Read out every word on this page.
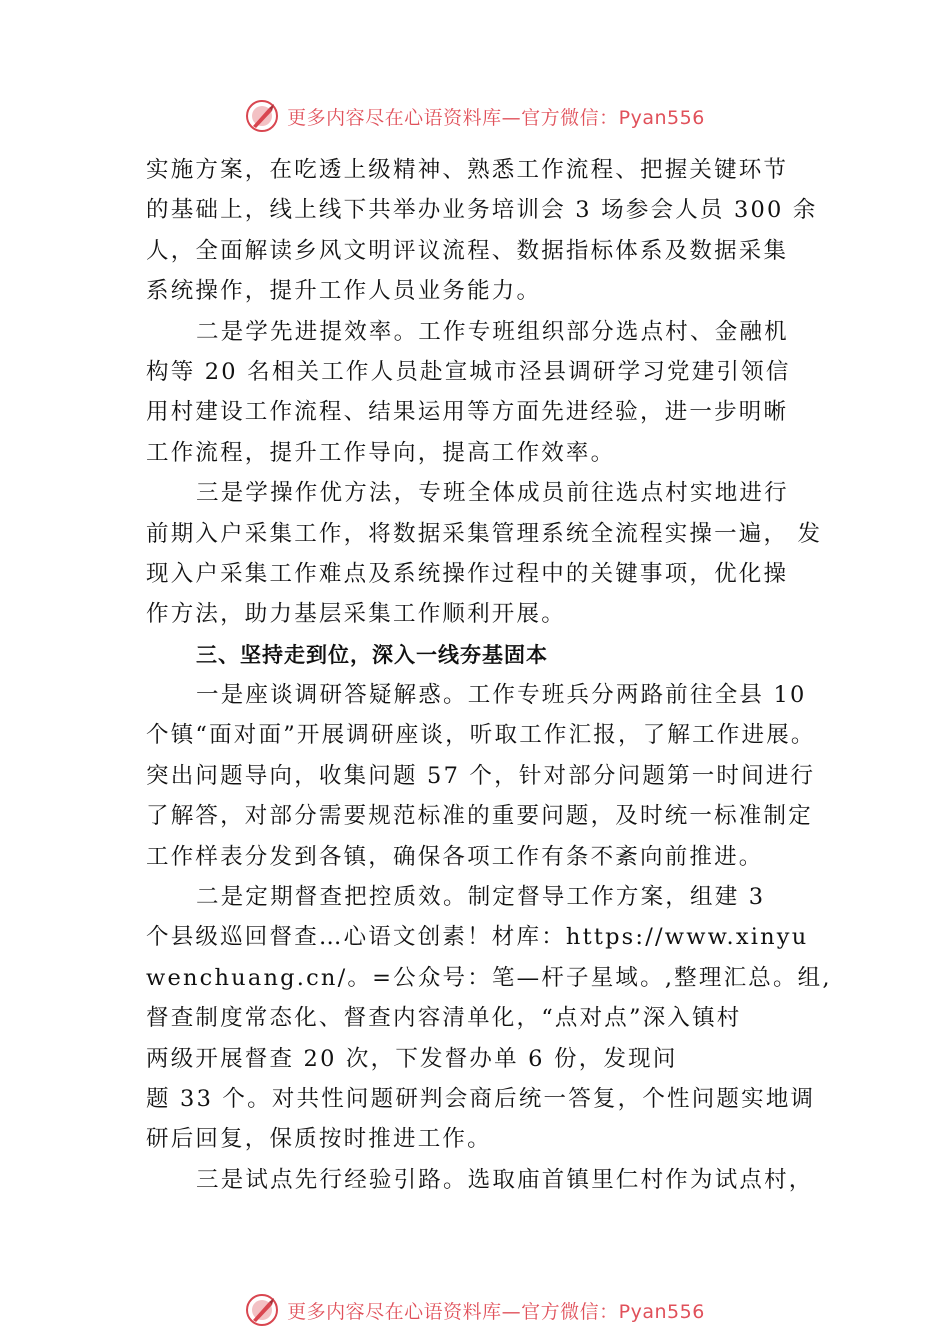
更多内容尽在心语资料库—官方微信：Pyan556
实施方案，在吃透上级精神、熟悉工作流程、把握关键环节
的基础上，线上线下共举办业务培训会 3 场参会人员 300 余
人，全面解读乡风文明评议流程、数据指标体系及数据采集
系统操作，提升工作人员业务能力。
二是学先进提效率。工作专班组织部分选点村、金融机
构等 20 名相关工作人员赴宣城市泾县调研学习党建引领信
用村建设工作流程、结果运用等方面先进经验，进一步明晰
工作流程，提升工作导向，提高工作效率。
三是学操作优方法，专班全体成员前往选点村实地进行
前期入户采集工作，将数据采集管理系统全流程实操一遍， 发
现入户采集工作难点及系统操作过程中的关键事项，优化操
作方法，助力基层采集工作顺利开展。
三、坚持走到位，深入一线夯基固本
一是座谈调研答疑解惑。工作专班兵分两路前往全县 10
个镇“面对面”开展调研座谈，听取工作汇报，了解工作进展。
突出问题导向，收集问题 57 个，针对部分问题第一时间进行
了解答，对部分需要规范标准的重要问题，及时统一标准制定
工作样表分发到各镇，确保各项工作有条不紊向前推进。
二是定期督查把控质效。制定督导工作方案，组建 3
个县级巡回督查…心语文创素！材库：https://www.xinyu
wenchuang.cn/。=公众号：笔—杆子星域。,整理汇总。组,
督查制度常态化、督查内容清单化，“点对点”深入镇村
两级开展督查 20 次，下发督办单 6 份，发现问
题 33 个。对共性问题研判会商后统一答复，个性问题实地调
研后回复，保质按时推进工作。
三是试点先行经验引路。选取庙首镇里仁村作为试点村，
更多内容尽在心语资料库—官方微信：Pyan556
